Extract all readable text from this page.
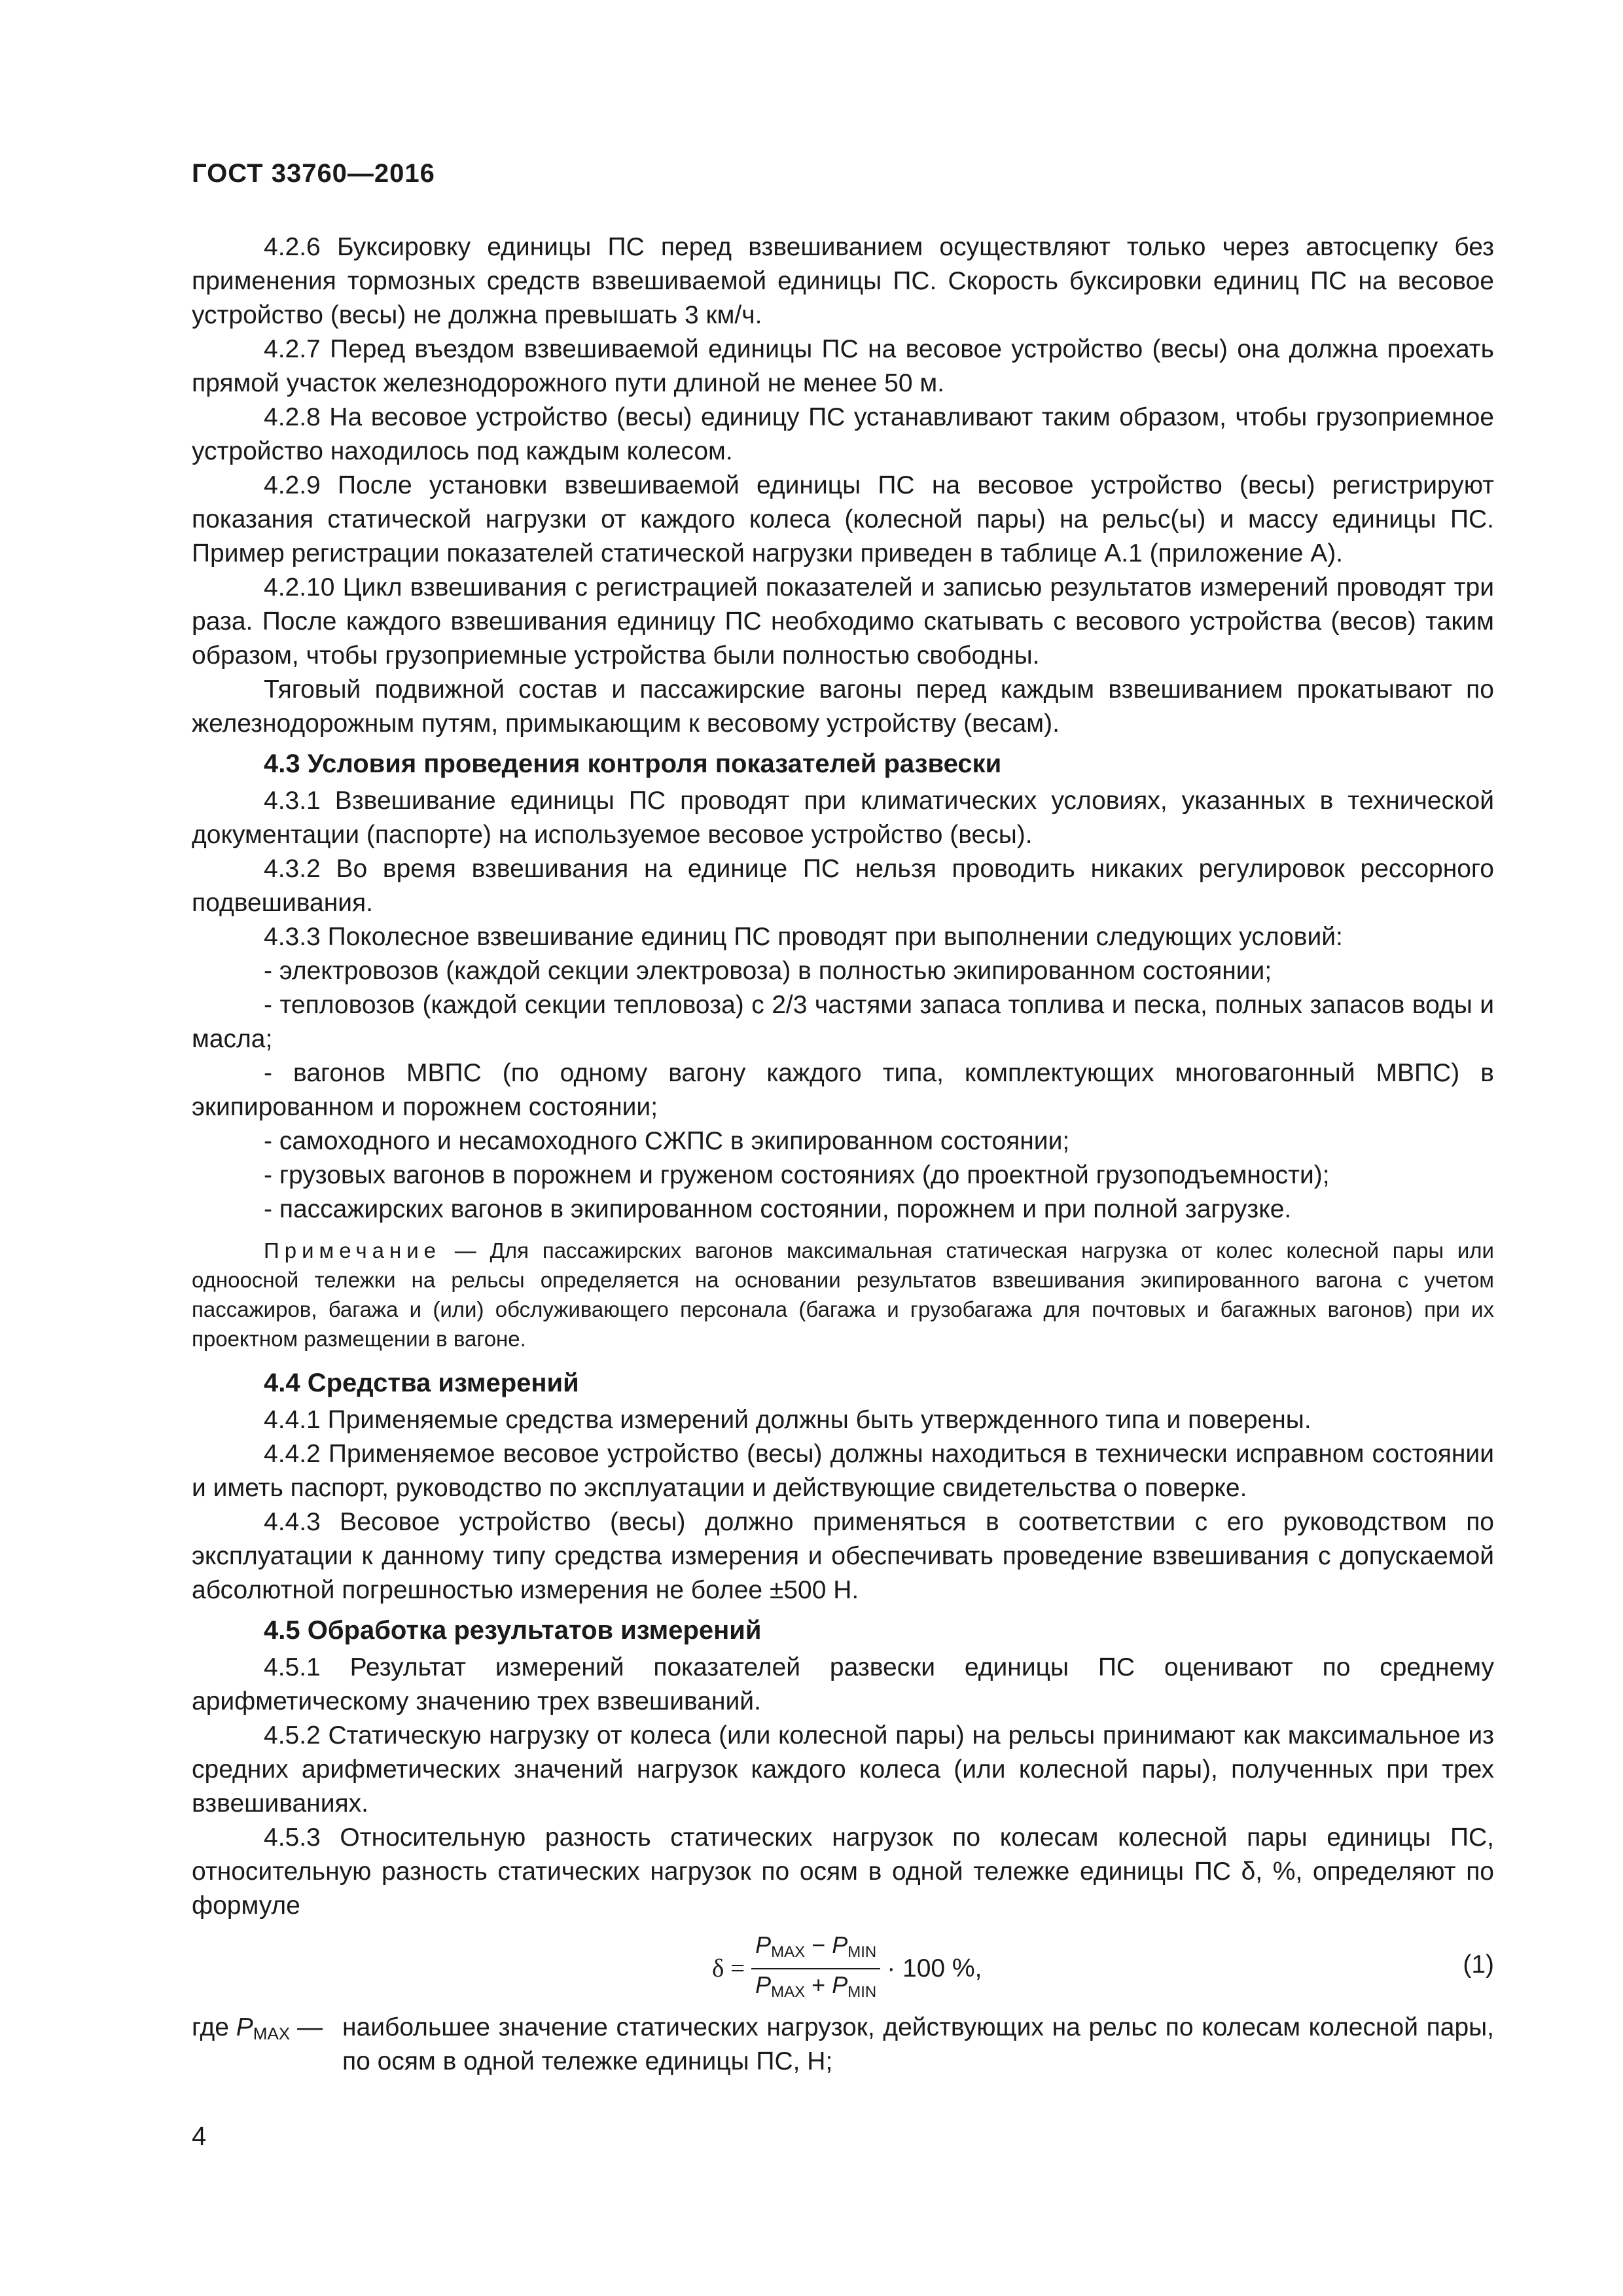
ГОСТ 33760—2016

4.2.6 Буксировку единицы ПС перед взвешиванием осуществляют только через автосцепку без применения тормозных средств взвешиваемой единицы ПС. Скорость буксировки единиц ПС на весовое устройство (весы) не должна превышать 3 км/ч.

4.2.7 Перед въездом взвешиваемой единицы ПС на весовое устройство (весы) она должна проехать прямой участок железнодорожного пути длиной не менее 50 м.

4.2.8 На весовое устройство (весы) единицу ПС устанавливают таким образом, чтобы грузоприемное устройство находилось под каждым колесом.

4.2.9 После установки взвешиваемой единицы ПС на весовое устройство (весы) регистрируют показания статической нагрузки от каждого колеса (колесной пары) на рельс(ы) и массу единицы ПС. Пример регистрации показателей статической нагрузки приведен в таблице А.1 (приложение А).

4.2.10 Цикл взвешивания с регистрацией показателей и записью результатов измерений проводят три раза. После каждого взвешивания единицу ПС необходимо скатывать с весового устройства (весов) таким образом, чтобы грузоприемные устройства были полностью свободны.

Тяговый подвижной состав и пассажирские вагоны перед каждым взвешиванием прокатывают по железнодорожным путям, примыкающим к весовому устройству (весам).

4.3 Условия проведения контроля показателей развески

4.3.1 Взвешивание единицы ПС проводят при климатических условиях, указанных в технической документации (паспорте) на используемое весовое устройство (весы).

4.3.2 Во время взвешивания на единице ПС нельзя проводить никаких регулировок рессорного подвешивания.

4.3.3 Поколесное взвешивание единиц ПС проводят при выполнении следующих условий:

- электровозов (каждой секции электровоза) в полностью экипированном состоянии;

- тепловозов (каждой секции тепловоза) с 2/3 частями запаса топлива и песка, полных запасов воды и масла;

- вагонов МВПС (по одному вагону каждого типа, комплектующих многовагонный МВПС) в экипированном и порожнем состоянии;

- самоходного и несамоходного СЖПС в экипированном состоянии;

- грузовых вагонов в порожнем и груженом состояниях (до проектной грузоподъемности);

- пассажирских вагонов в экипированном состоянии, порожнем и при полной загрузке.

Примечание — Для пассажирских вагонов максимальная статическая нагрузка от колес колесной пары или одноосной тележки на рельсы определяется на основании результатов взвешивания экипированного вагона с учетом пассажиров, багажа и (или) обслуживающего персонала (багажа и грузобагажа для почтовых и багажных вагонов) при их проектном размещении в вагоне.
4.4 Средства измерений

4.4.1 Применяемые средства измерений должны быть утвержденного типа и поверены.

4.4.2 Применяемое весовое устройство (весы) должны находиться в технически исправном состоянии и иметь паспорт, руководство по эксплуатации и действующие свидетельства о поверке.

4.4.3 Весовое устройство (весы) должно применяться в соответствии с его руководством по эксплуатации к данному типу средства измерения и обеспечивать проведение взвешивания с допускаемой абсолютной погрешностью измерения не более ±500 Н.

4.5 Обработка результатов измерений

4.5.1 Результат измерений показателей развески единицы ПС оценивают по среднему арифметическому значению трех взвешиваний.

4.5.2 Статическую нагрузку от колеса (или колесной пары) на рельсы принимают как максимальное из средних арифметических значений нагрузок каждого колеса (или колесной пары), полученных при трех взвешиваниях.

4.5.3 Относительную разность статических нагрузок по колесам колесной пары единицы ПС, относительную разность статических нагрузок по осям в одной тележке единицы ПС δ, %, определяют по формуле

$\delta = \frac{P_{MAX} - P_{MIN}}{P_{MAX} + P_{MIN}} \cdot 100$ %,	(1)
где $P_{MAX}$ — наибольшее значение статических нагрузок, действующих на рельс по колесам колесной пары, по осям в одной тележке единицы ПС, Н;
4
